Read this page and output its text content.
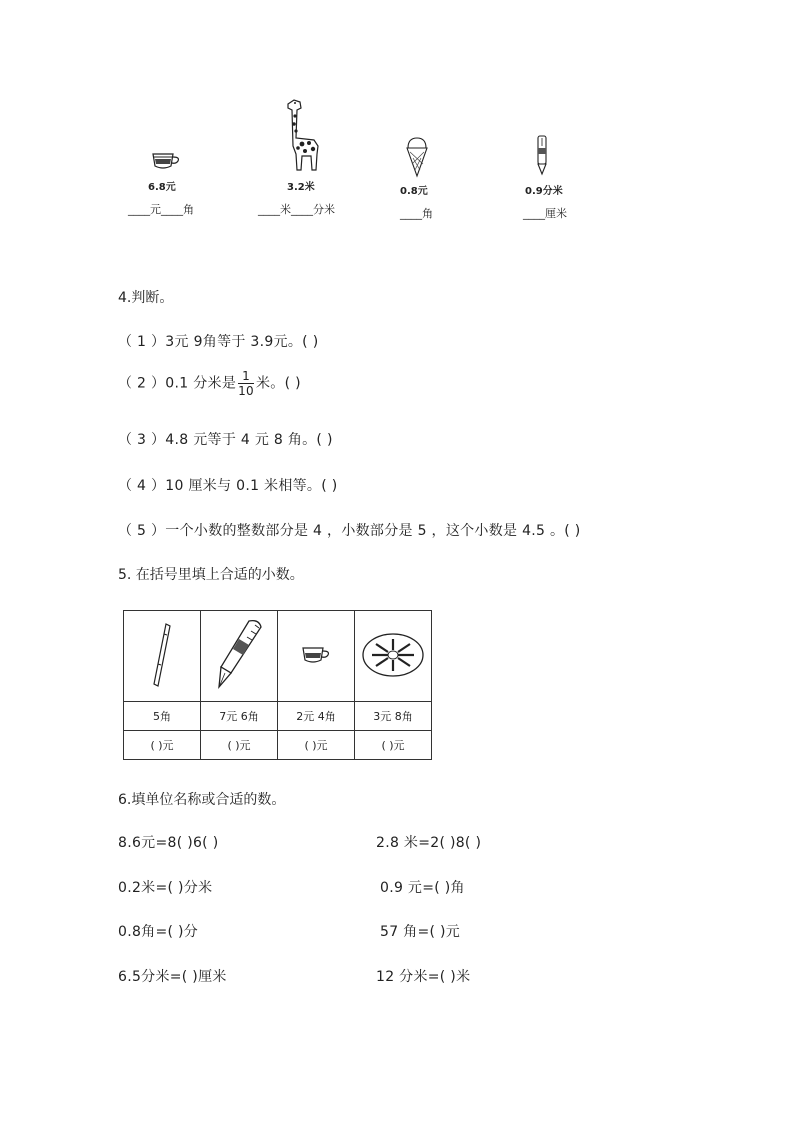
6.8元
____元____角
3.2米
____米____分米
0.8元
____角
0.9分米
____厘米
4.判断。
（ 1 ）3元 9角等于 3.9元。( )
（ 2 ）0.1 分米是 $\frac{1}{10}$ 米。( )
（ 3 ）4.8 元等于 4 元 8 角。( )
（ 4 ）10 厘米与 0.1 米相等。( )
（ 5 ）一个小数的整数部分是 4 ，小数部分是 5 ，这个小数是 4.5 。( )
5. 在括号里填上合适的小数。

5角	7元 6角	2元 4角	3元 8角
( )元	( )元	( )元	( )元
6.填单位名称或合适的数。
8.6元=8( )6( )	2.8 米=2( )8( )
0.2米=( )分米	0.9 元=( )角
0.8角=( )分	57 角=( )元
6.5分米=( )厘米	12 分米=( )米
